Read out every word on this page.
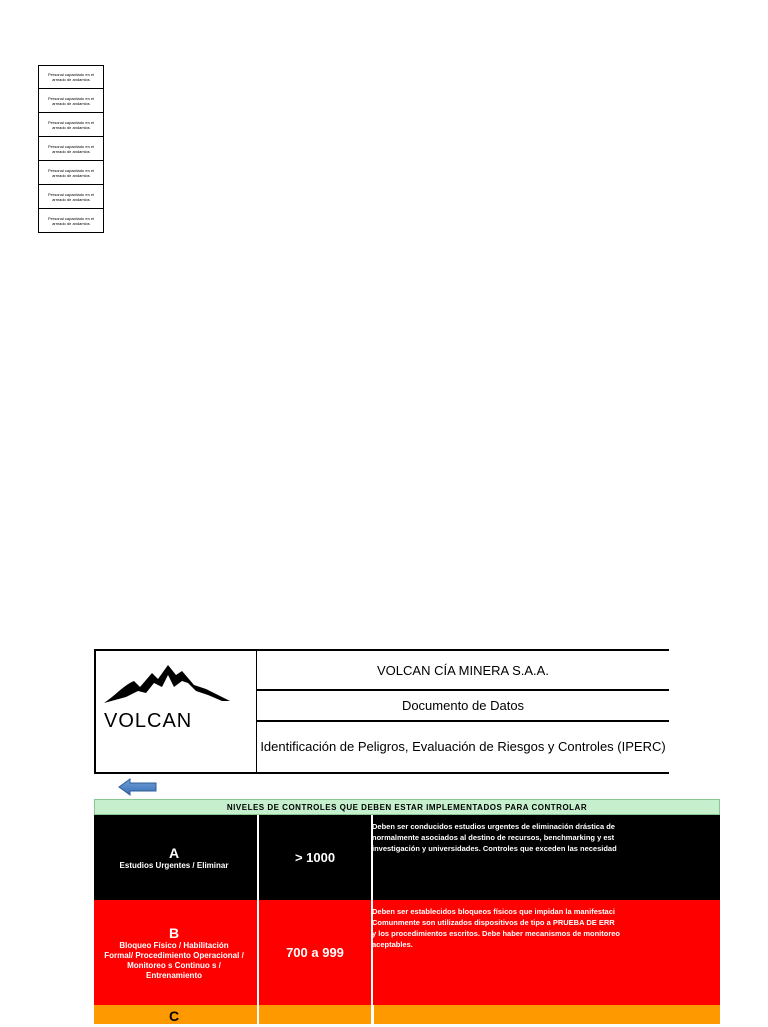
Personal capacitado en el armado de andamios
Personal capacitado en el armado de andamios
Personal capacitado en el armado de andamios
Personal capacitado en el armado de andamios
Personal capacitado en el armado de andamios
Personal capacitado en el armado de andamios
Personal capacitado en el armado de andamios
VOLCAN
VOLCAN CÍA MINERA S.A.A.
Documento de Datos
Identificación de Peligros, Evaluación de Riesgos y Controles (IPERC)
NIVELES DE CONTROLES QUE DEBEN ESTAR IMPLEMENTADOS PARA CONTROLAR
A
Estudios Urgentes / Eliminar	> 1000
Deben ser conducidos estudios urgentes de eliminación drástica de
normalmente asociados al destino de recursos, benchmarking y est
investigación y universidades. Controles que exceden las necesidad
B
Bloqueo Físico / Habilitación Formal/ Procedimiento Operacional / Monitoreo s Continuo s / Entrenamiento
700 a 999
Deben ser establecidos bloqueos físicos que impidan la manifestaci
Comunmente son utilizados dispositivos de tipo a PRUEBA DE ERR
y los procedimientos escritos. Debe haber mecanismos de monitoreo
aceptables.
C
